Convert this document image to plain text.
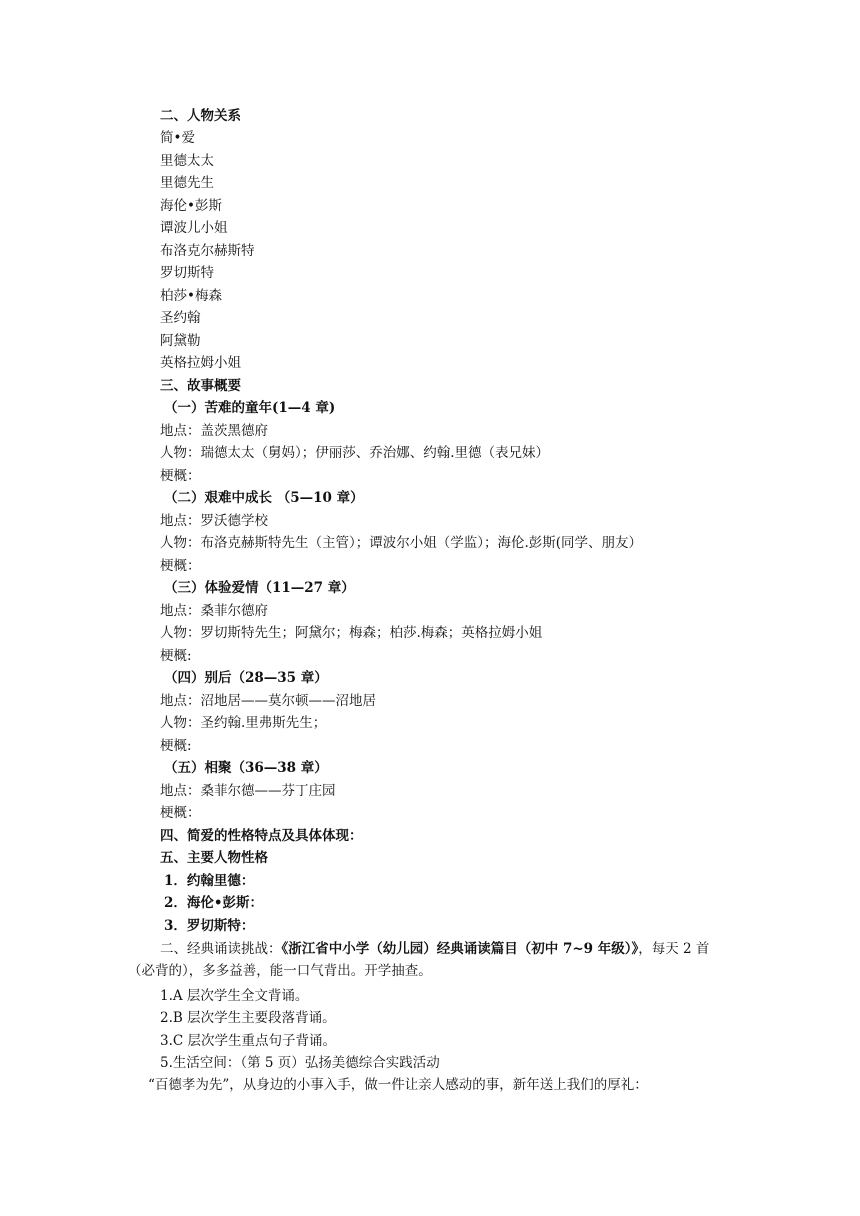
二、人物关系
简•爱
里德太太
里德先生
海伦•彭斯
谭波儿小姐
布洛克尔赫斯特
罗切斯特
柏莎•梅森
圣约翰
阿黛勒
英格拉姆小姐
三、故事概要
（一）苦难的童年(1—4 章)
地点：盖茨黑德府
人物：瑞德太太（舅妈）；伊丽莎、乔治娜、约翰.里德（表兄妹）
梗概：
（二）艰难中成长 （5—10 章）
地点：罗沃德学校
人物：布洛克赫斯特先生（主管）；谭波尔小姐（学监）；海伦.彭斯(同学、朋友）
梗概：
（三）体验爱情（11—27 章）
地点：桑菲尔德府
人物：罗切斯特先生；阿黛尔；梅森；柏莎.梅森；英格拉姆小姐
梗概:
（四）别后（28—35 章）
地点：沼地居——莫尔顿——沼地居
人物：圣约翰.里弗斯先生；
梗概:
（五）相聚（36—38 章）
地点：桑菲尔德——芬丁庄园
梗概：
四、简爱的性格特点及具体体现：
五、主要人物性格
1．约翰里德：
2．海伦•彭斯：
3．罗切斯特：
二、经典诵读挑战：《浙江省中小学（幼儿园）经典诵读篇目（初中 7~9 年级）》，每天 2 首（必背的），多多益善，能一口气背出。开学抽查。
1.A 层次学生全文背诵。
2.B 层次学生主要段落背诵。
3.C 层次学生重点句子背诵。
5.生活空间：（第 5 页）弘扬美德综合实践活动
“百德孝为先”，从身边的小事入手，做一件让亲人感动的事，新年送上我们的厚礼：
